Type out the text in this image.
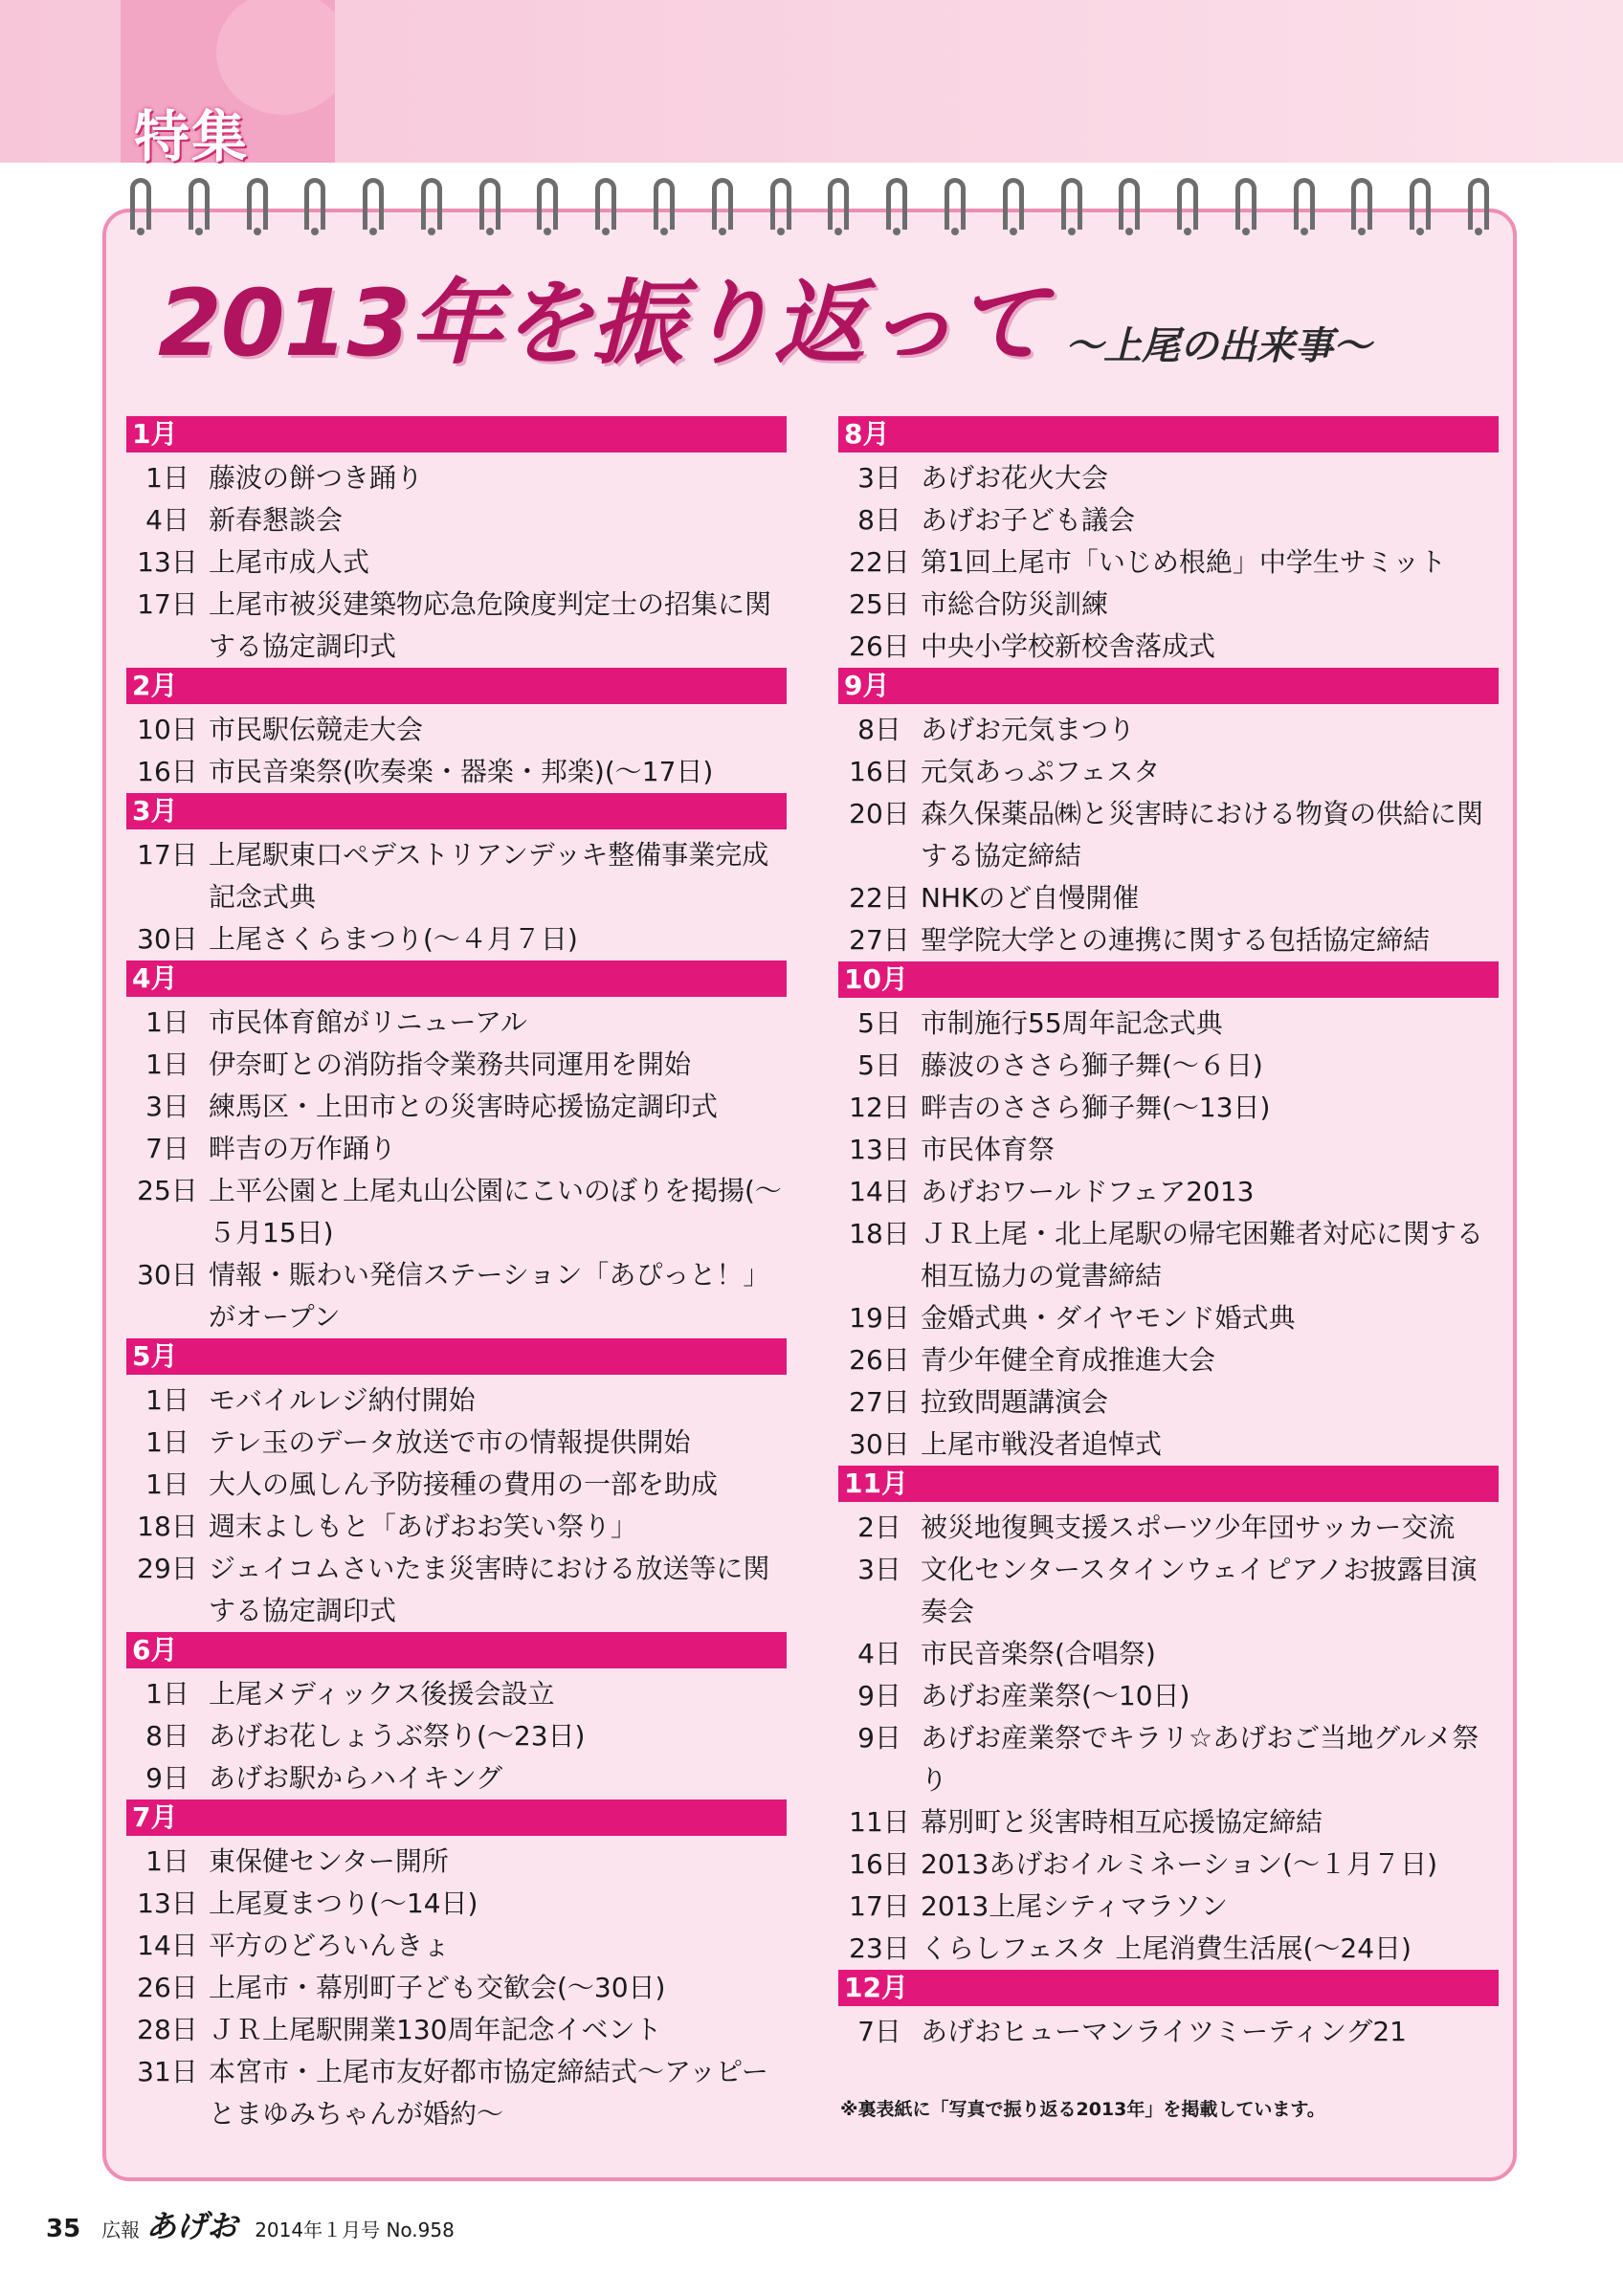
特集
2013年を振り返って ～上尾の出来事～
1月
1日 藤波の餅つき踊り
4日 新春懇談会
13日 上尾市成人式
17日 上尾市被災建築物応急危険度判定士の招集に関する協定調印式
2月
10日 市民駅伝競走大会
16日 市民音楽祭(吹奏楽・器楽・邦楽)(～17日)
3月
17日 上尾駅東口ペデストリアンデッキ整備事業完成記念式典
30日 上尾さくらまつり(～４月７日)
4月
1日 市民体育館がリニューアル
1日 伊奈町との消防指令業務共同運用を開始
3日 練馬区・上田市との災害時応援協定調印式
7日 畔吉の万作踊り
25日 上平公園と上尾丸山公園にこいのぼりを掲揚(～５月15日)
30日 情報・賑わい発信ステーション「あぴっと！」がオープン
5月
1日 モバイルレジ納付開始
1日 テレ玉のデータ放送で市の情報提供開始
1日 大人の風しん予防接種の費用の一部を助成
18日 週末よしもと「あげおお笑い祭り」
29日 ジェイコムさいたま災害時における放送等に関する協定調印式
6月
1日 上尾メディックス後援会設立
8日 あげお花しょうぶ祭り(～23日)
9日 あげお駅からハイキング
7月
1日 東保健センター開所
13日 上尾夏まつり(～14日)
14日 平方のどろいんきょ
26日 上尾市・幕別町子ども交歓会(～30日)
28日 ＪＲ上尾駅開業130周年記念イベント
31日 本宮市・上尾市友好都市協定締結式～アッピーとまゆみちゃんが婚約～
8月
3日 あげお花火大会
8日 あげお子ども議会
22日 第1回上尾市「いじめ根絶」中学生サミット
25日 市総合防災訓練
26日 中央小学校新校舎落成式
9月
8日 あげお元気まつり
16日 元気あっぷフェスタ
20日 森久保薬品㈱と災害時における物資の供給に関する協定締結
22日 NHKのど自慢開催
27日 聖学院大学との連携に関する包括協定締結
10月
5日 市制施行55周年記念式典
5日 藤波のささら獅子舞(～６日)
12日 畔吉のささら獅子舞(～13日)
13日 市民体育祭
14日 あげおワールドフェア2013
18日 ＪＲ上尾・北上尾駅の帰宅困難者対応に関する相互協力の覚書締結
19日 金婚式典・ダイヤモンド婚式典
26日 青少年健全育成推進大会
27日 拉致問題講演会
30日 上尾市戦没者追悼式
11月
2日 被災地復興支援スポーツ少年団サッカー交流
3日 文化センタースタインウェイピアノお披露目演奏会
4日 市民音楽祭(合唱祭)
9日 あげお産業祭(～10日)
9日 あげお産業祭でキラリ☆あげおご当地グルメ祭り
11日 幕別町と災害時相互応援協定締結
16日 2013あげおイルミネーション(～１月７日)
17日 2013上尾シティマラソン
23日 くらしフェスタ 上尾消費生活展(～24日)
12月
7日 あげおヒューマンライツミーティング21
※裏表紙に「写真で振り返る2013年」を掲載しています。
35 広報 あげお 2014年１月号 No.958
